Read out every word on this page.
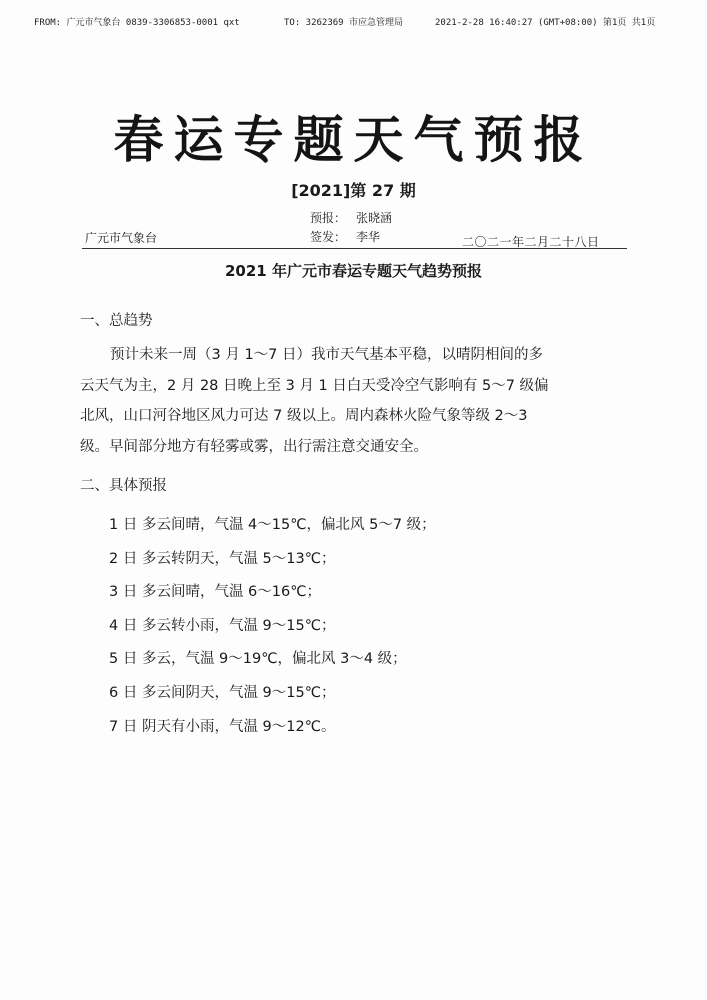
FROM: 广元市气象台 0839-3306853-0001 qxt	TO: 3262369 市应急管理局	2021-2-28 16:40:27 (GMT+08:00) 第1页 共1页
春运专题天气预报
[2021]第 27 期
预报： 张晓涵
签发： 李华
广元市气象台	二〇二一年二月二十八日
2021 年广元市春运专题天气趋势预报
一、总趋势
预计未来一周（3 月 1～7 日）我市天气基本平稳，以晴阴相间的多
云天气为主，2 月 28 日晚上至 3 月 1 日白天受冷空气影响有 5～7 级偏
北风，山口河谷地区风力可达 7 级以上。周内森林火险气象等级 2～3
级。早间部分地方有轻雾或雾，出行需注意交通安全。
二、具体预报
1 日 多云间晴，气温 4～15℃，偏北风 5～7 级；
2 日 多云转阴天，气温 5～13℃；
3 日 多云间晴，气温 6～16℃；
4 日 多云转小雨，气温 9～15℃；
5 日 多云，气温 9～19℃，偏北风 3～4 级；
6 日 多云间阴天，气温 9～15℃；
7 日 阴天有小雨，气温 9～12℃。
